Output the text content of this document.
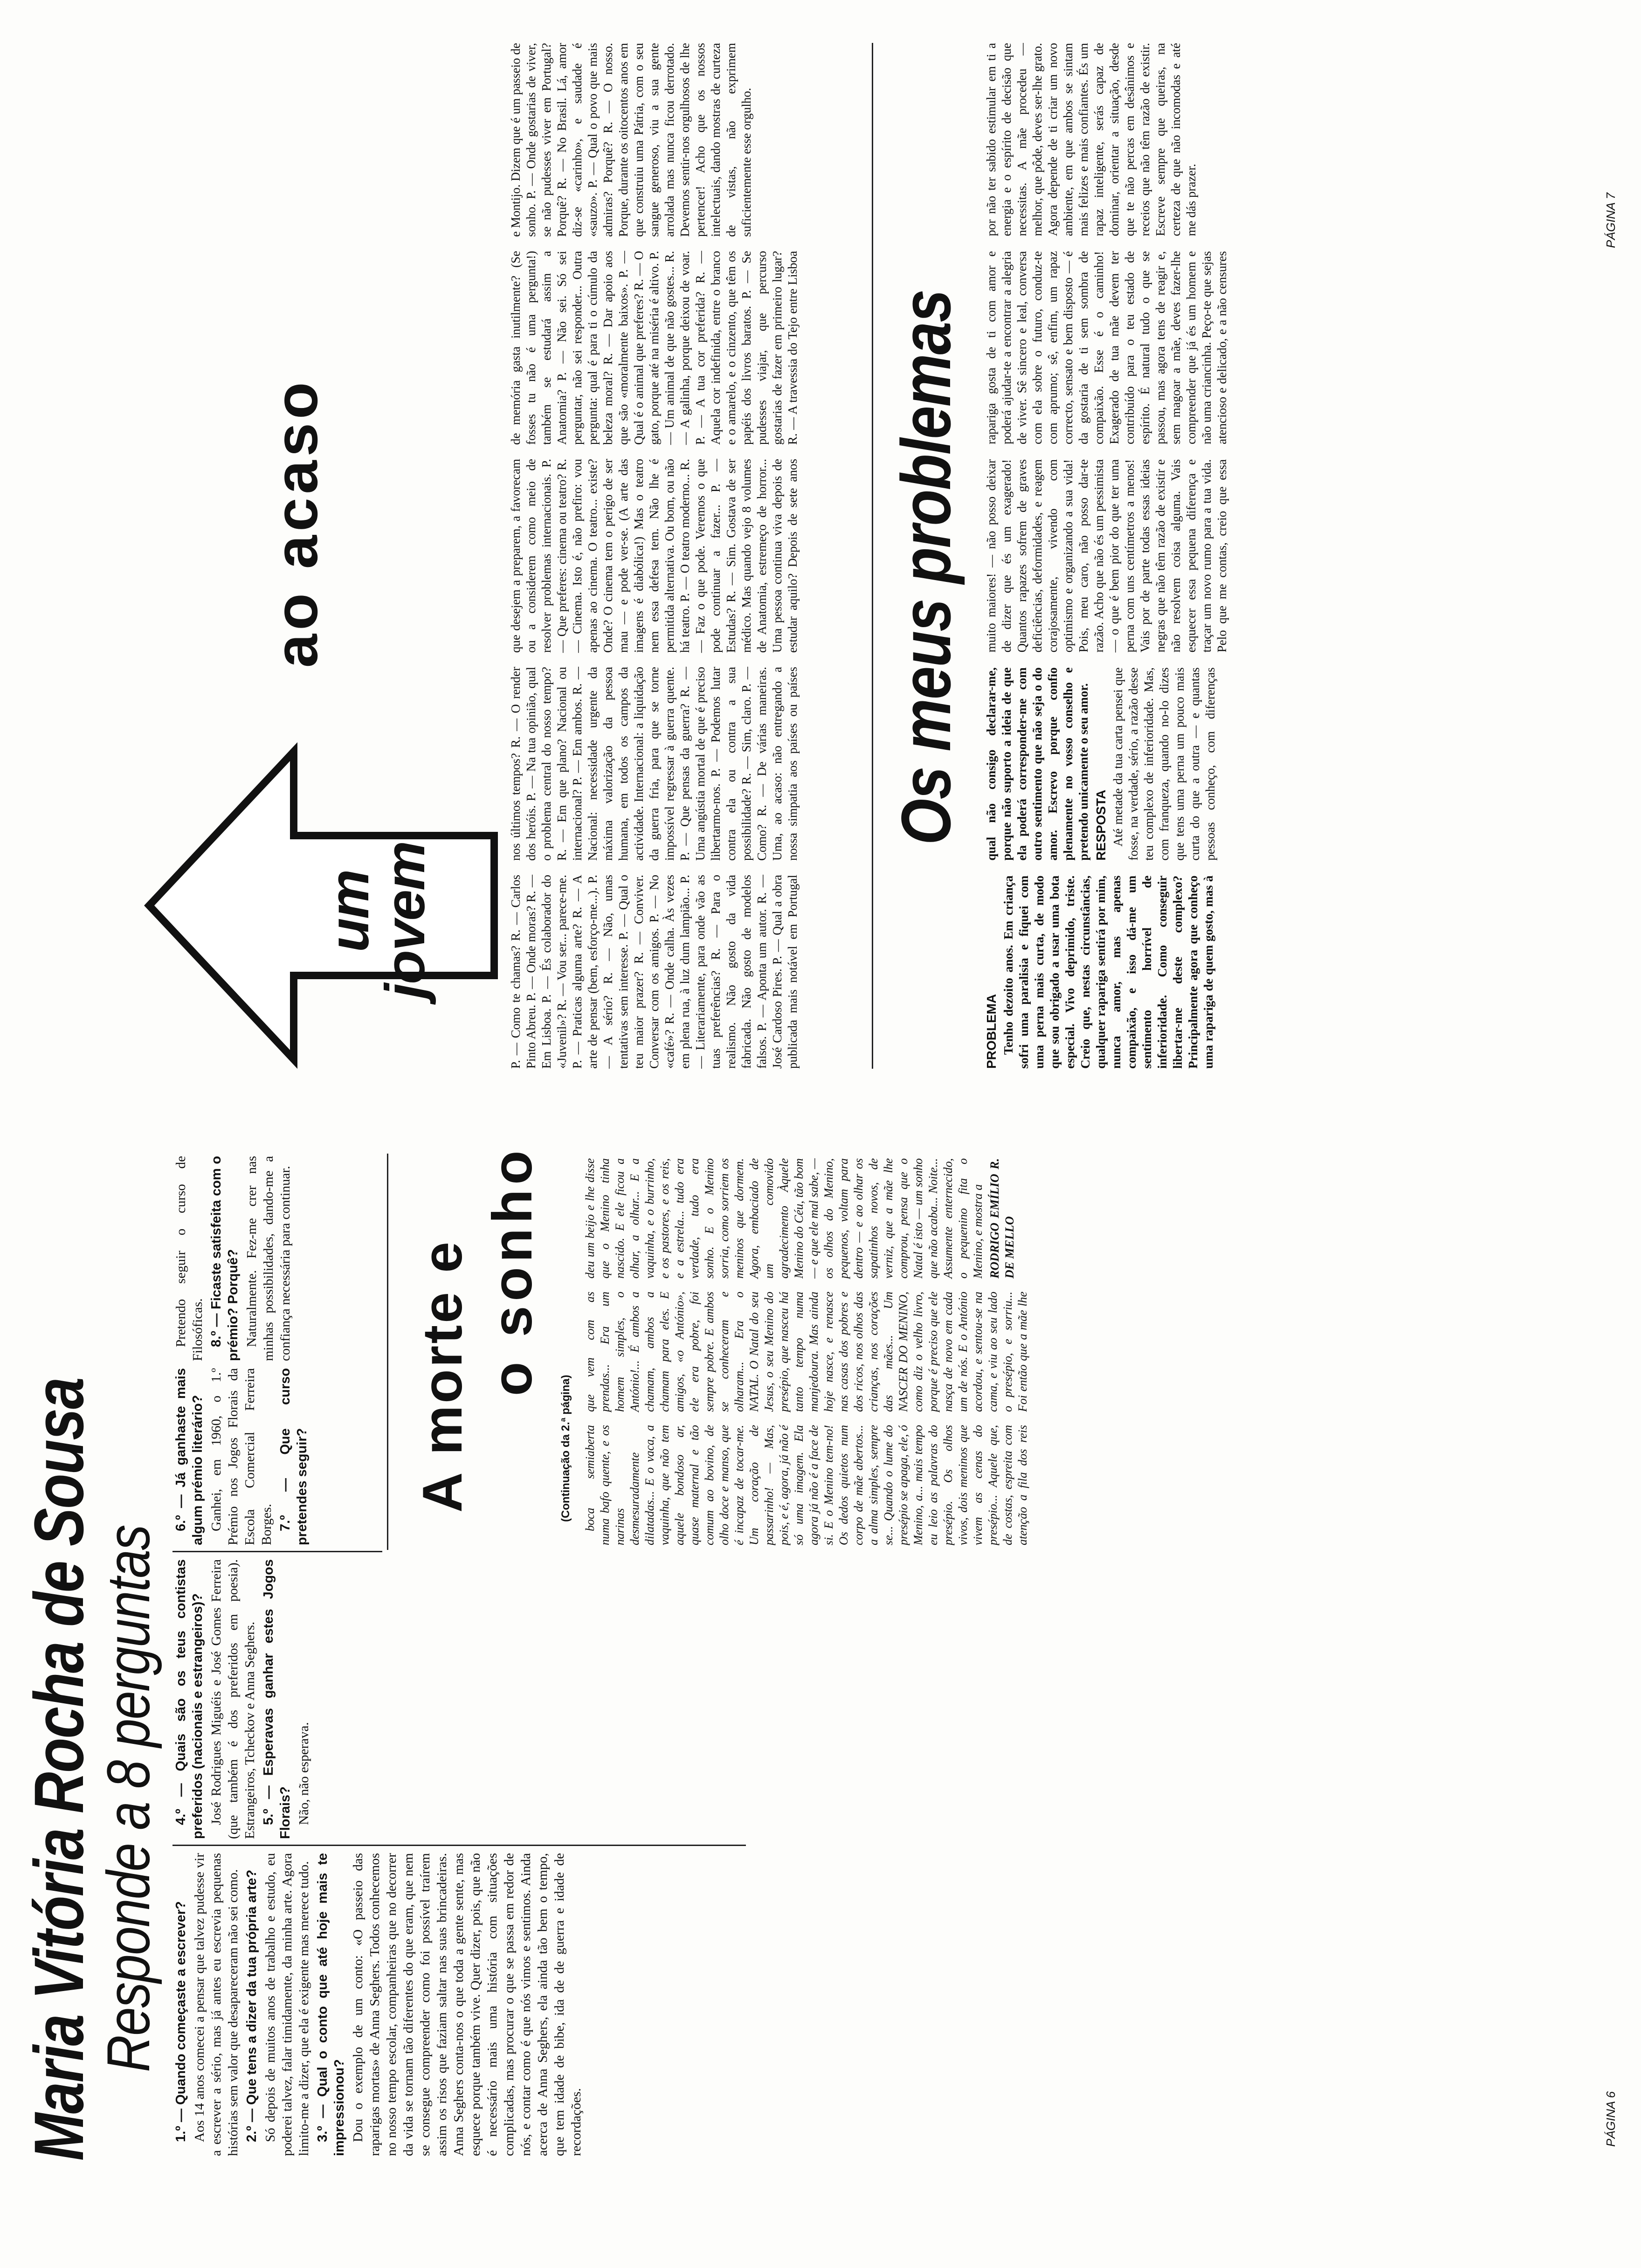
Maria Vitória Rocha de Sousa
Responde a 8 perguntas 1.º — Quando começaste a escrever? Aos 14 anos comecei a pensar que talvez pudesse vir a escrever a sério, mas já antes eu escrevia pequenas histórias sem valor que desapareceram não sei como. 2.º — Que tens a dizer da tua própria arte? Só depois de muitos anos de trabalho e estudo, eu poderei talvez, falar timidamente, da minha arte. Agora limito-me a dizer, que ela é exigente mas merece tudo. 3.º — Qual o conto que até hoje mais te impressionou? Dou o exemplo de um conto: «O passeio das raparigas mortas» de Anna Seghers. Todos conhecemos no nosso tempo escolar, companheiras que no decorrer da vida se tornam tão diferentes do que eram, que nem se consegue compreender como foi possível traírem assim os risos que faziam saltar nas suas brincadeiras. Anna Seghers conta-nos o que toda a gente sente, mas esquece porque também vive. Quer dizer, pois, que não é necessário mais uma história com situações complicadas, mas procurar o que se passa em redor de nós, e contar como é que nós vimos e sentimos. Ainda acerca de Anna Seghers, ela ainda tão bem o tempo, que tem idade de bibe, ida de de guerra e idade de recordações.

4.º — Quais são os teus contistas preferidos (nacionais e estrangeiros)? José Rodrigues Miguéis e José Gomes Ferreira (que também é dos preferidos em poesia). Estrangeiros, Tcheckov e Anna Seghers. 5.º — Esperavas ganhar estes Jogos Florais? Não, não esperava.

6.º — Já ganhaste mais algum prémio literário? Ganhei, em 1960, o 1.º Prémio nos Jogos Florais da Escola Comercial Ferreira Borges. 7.º — Que curso pretendes seguir?

Pretendo seguir o curso de Filosóficas. 8.º — Ficaste satisfeita com o prémio? Porquê? Naturalmente. Fez-me crer nas minhas possibilidades, dando-me a confiança necessária para continuar. A morte e o sonho
(Continuação da 2.ª página) boca semiaberta numa bafo quente, e os narinas desmesuradamente dilatadas... E o vaca, a vaquinha, que não tem aquele bondoso ar, quase maternal e tão comum ao bovino, de olho doce e manso, que é incapaz de tocar-me. Um coração de passarinho! — Mas, pois, e é, agora, já não é só uma imagem. Ela agora já não é a face de si. E o Menino tem-no! Os dedos quietos num corpo de mãe abertos... a alma simples, sempre se... Quando o lume do presépio se apaga, ele, ó Menino, a... mais tempo eu leio as palavras do presépio. Os olhos vivos, dois meninos que vivem as cenas do presépio... Aquele que, de costas, espreita com atenção a fila dos reis que vem com as prendas... Era um homem simples, o António!... É ambos a chamam, ambos a chamam para eles. E amigos, «o António», ele era pobre, foi sempre pobre. E ambos se conheceram e olharam... Era o NATAL. O Natal do seu Jesus, o seu Menino do presépio, que nasceu há tanto tempo numa manjedoura. Mas ainda hoje nasce, e renasce nas casas dos pobres e dos ricos, nos olhos das crianças, nos corações das mães... Um NASCER DO MENINO, como diz o velho livro, porque é preciso que ele nasça de novo em cada um de nós. E o António acordou, e sentou-se na cama, e viu ao seu lado o presépio, e sorriu... Foi então que a mãe lhe deu um beijo e lhe disse que o Menino tinha nascido. E ele ficou a olhar, a olhar... E a vaquinha, e o burrinho, e os pastores, e os reis, e a estrela... tudo era verdade, tudo era sonho. E o Menino sorria, como sorriem os meninos que dormem. Agora, embaciado de um comovido agradecimento Àquele Menino do Céu, tão bom — e que ele mal sabe, — os olhos do Menino, pequenos, voltam para dentro — e ao olhar os sapatinhos novos, de verniz, que a mãe lhe comprou, pensa que o Natal é isto — um sonho que não acaba... Noite... Assumente enternecido, o pequenino fita o Menino, e mostra a RODRIGO EMÍLIO R. DE MELLO

PÁGINA 6
um
jovem
ao acaso

P. — Como te chamas? R. — Carlos Pinto Abreu. P. — Onde moras? R. — Em Lisboa. P. — És colaborador do «Juvenil»? R. — Vou ser... parece-me. P. — Praticas alguma arte? R. — A arte de pensar (bem, esforço-me...). P. — A sério? R. — Não, umas tentativas sem interesse. P. — Qual o teu maior prazer? R. — Conviver. Conversar com os amigos. P. — No «café»? R. — Onde calha. Às vezes em plena rua, à luz dum lampião... P. — Literariamente, para onde vão as tuas preferências? R. — Para o realismo. Não gosto da vida fabricada. Não gosto de modelos falsos. P. — Aponta um autor. R. — José Cardoso Pires. P. — Qual a obra publicada mais notável em Portugal nos últimos tempos? R. — O render dos heróis. P. — Na tua opinião, qual o problema central do nosso tempo? R. — Em que plano? Nacional ou internacional? P. — Em ambos. R. — Nacional: necessidade urgente da máxima valorização da pessoa humana, em todos os campos da actividade. Internacional: a liquidação da guerra fria, para que se torne impossível regressar à guerra quente. P. — Que pensas da guerra? R. — Uma angústia mortal de que é preciso libertarmo-nos. P. — Podemos lutar contra ela ou contra a sua possibilidade? R. — Sim, claro. P. — Como? R. — De várias maneiras. Uma, ao acaso: não entregando a nossa simpatia aos países ou países que desejem a preparem, a favorecam ou a considerem como meio de resolver problemas internacionais. P. — Que preferes: cinema ou teatro? R. — Cinema. Isto é, não prefiro: vou apenas ao cinema. O teatro... existe? Onde? O cinema tem o perigo de ser mau — e pode ver-se. (A arte das imagens é diabólica!) Mas o teatro nem essa defesa tem. Não lhe é permitida alternativa. Ou bom, ou não há teatro. P. — O teatro moderno... R. — Faz o que pode. Veremos o que pode continuar a fazer... P. — Estudas? R. — Sim. Gostava de ser médico. Mas quando vejo 8 volumes de Anatomia, estremeço de horror... Uma pessoa continua viva depois de estudar aquilo? Depois de sete anos de memória gasta inutilmente? (Se fosses tu não é uma pergunta!) também se estudará assim a Anatomia? P. — Não sei. Só sei perguntar, não sei responder... Outra pergunta: qual é para ti o cúmulo da beleza moral? R. — Dar apoio aos que são «moralmente baixos». P. — Qual é o animal que preferes? R. — O gato, porque até na miséria é altivo. P. — Um animal de que não gostes... R. — A galinha, porque deixou de voar. P. — A tua cor preferida? R. — Aquela cor indefinida, entre o branco e o amarelo, e o cinzento, que têm os papéis dos livros baratos. P. — Se pudesses viajar, que percurso gostarias de fazer em primeiro lugar? R. — A travessia do Tejo entre Lisboa e Montijo. Dizem que é um passeio de sonho. P. — Onde gostarias de viver, se não pudesses viver em Portugal? Porquê? R. — No Brasil. Lá, amor diz-se «carinho», e saudade é «sauzo». P. — Qual o povo que mais admiras? Porquê? R. — O nosso. Porque, durante os oitocentos anos em que construiu uma Pátria, com o seu sangue generoso, viu a sua gente arrolada mas nunca ficou derrotado. Devemos sentir-nos orgulhosos de lhe pertencer! Acho que os nossos intelectuais, dando mostras de curteza de vistas, não exprimem suficientemente esse orgulho.

Os meus problemas

PROBLEMA Tenho dezoito anos. Em criança sofri uma paralisia e fiquei com uma perna mais curta, de modo que sou obrigado a usar uma bota especial. Vivo deprimido, triste. Creio que, nestas circunstâncias, qualquer rapariga sentirá por mim, nunca amor, mas apenas compaixão, e isso dá-me um sentimento horrível de inferioridade. Como conseguir libertar-me deste complexo? Principalmente agora que conheço uma rapariga de quem gosto, mas à qual não consigo declarar-me, porque não suporto a ideia de que ela poderá corresponder-me com outro sentimento que não seja o do amor. Escrevo porque confio plenamente no vosso conselho e pretendo unicamente o seu amor. RESPOSTA Até metade da tua carta pensei que fosse, na verdade, sério, a razão desse teu complexo de inferioridade. Mas, com franqueza, quando no-lo dizes que tens uma perna um pouco mais curta do que a outra — e quantas pessoas conheço, com diferenças muito maiores! — não posso deixar de dizer que és um exagerado! Quantos rapazes sofrem de graves deficiências, deformidades, e reagem corajosamente, vivendo com optimismo e organizando a sua vida! Pois, meu caro, não posso dar-te razão. Acho que não és um pessimista — o que é bem pior do que ter uma perna com uns centímetros a menos! Vais por de parte todas essas ideias negras que não têm razão de existir e não resolvem coisa alguma. Vais esquecer essa pequena diferença e traçar um novo rumo para a tua vida. Pelo que me contas, creio que essa rapariga gosta de ti com amor e poderá ajudar-te a encontrar a alegria de viver. Sê sincero e leal, conversa com ela sobre o futuro, conduz-te com aprumo; sê, enfim, um rapaz correcto, sensato e bem disposto — é da gostaria de ti sem sombra de compaixão. Esse é o caminho! Exagerado de tua mãe devem ter contribuído para o teu estado de espírito. É natural tudo o que se passou, mas agora tens de reagir e, sem magoar a mãe, deves fazer-lhe compreender que já és um homem e não uma criancinha. Peço-te que sejas atencioso e delicado, e a não censures por não ter sabido estimular em ti a energia e o espírito de decisão que necessitas. A mãe procedeu — melhor, que pôde, deves ser-lhe grato. Agora depende de ti criar um novo ambiente, em que ambos se sintam mais felizes e mais confiantes. És um rapaz inteligente, serás capaz de dominar, orientar a situação, desde que te não percas em desânimos e receios que não têm razão de existir. Escreve sempre que queiras, na certeza de que não incomodas e até me dás prazer.	PÁGINA 7
